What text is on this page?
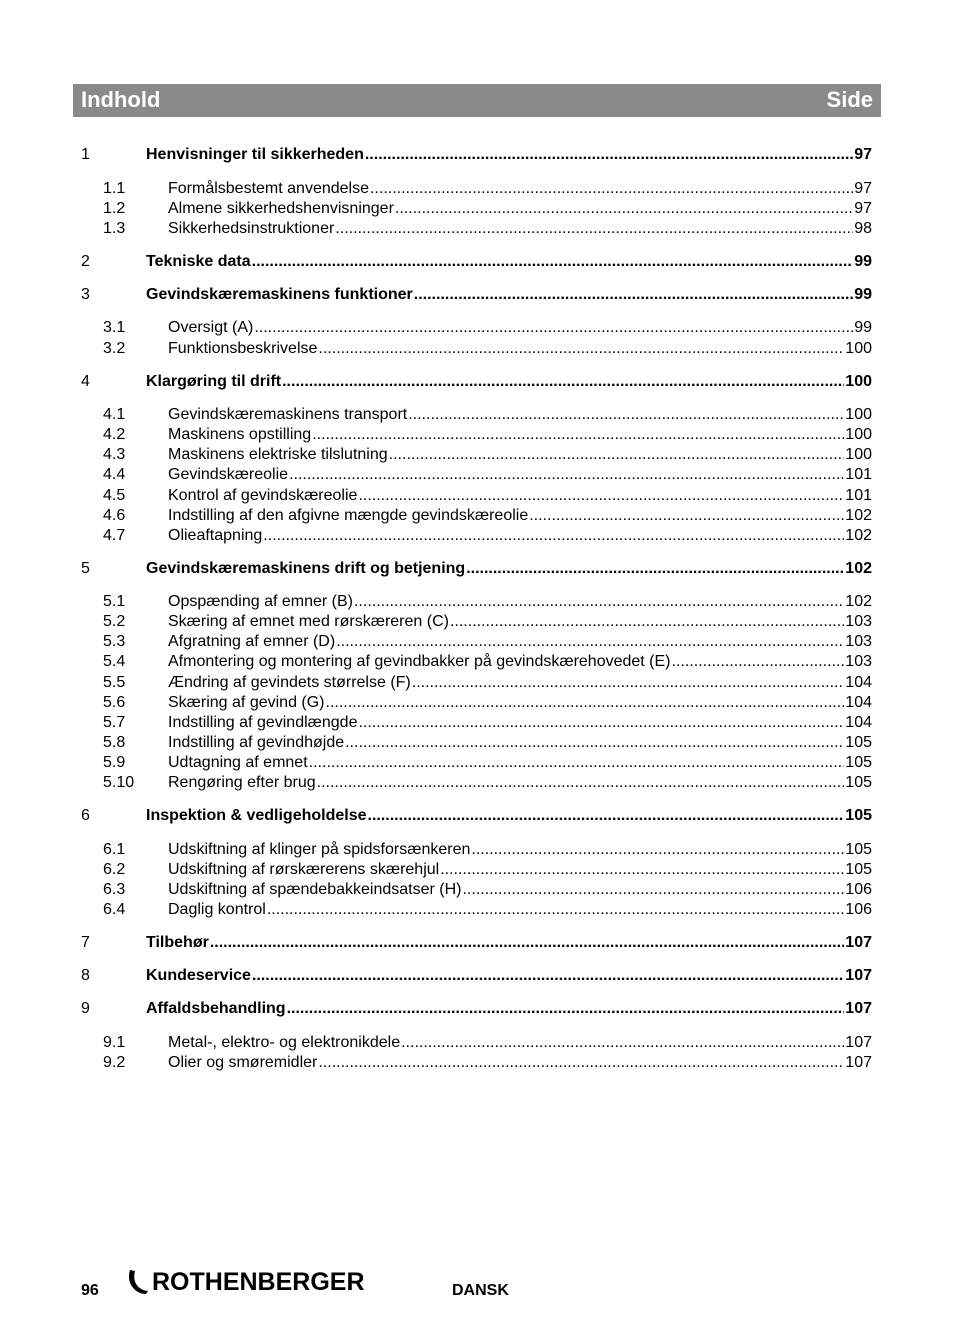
Indhold	Side
1	Henvisninger til sikkerheden .....	97
1.1	Formålsbestemt anvendelse .....	97
1.2	Almene sikkerhedshenvisninger .....	97
1.3	Sikkerhedsinstruktioner .....	98
2	Tekniske data .....	99
3	Gevindskæremaskinens funktioner .....	99
3.1	Oversigt (A) .....	99
3.2	Funktionsbeskrivelse .....	100
4	Klargøring til drift .....	100
4.1	Gevindskæremaskinens transport .....	100
4.2	Maskinens opstilling .....	100
4.3	Maskinens elektriske tilslutning .....	100
4.4	Gevindskæreolie .....	101
4.5	Kontrol af gevindskæreolie .....	101
4.6	Indstilling af den afgivne mængde gevindskæreolie .....	102
4.7	Olieaftapning .....	102
5	Gevindskæremaskinens drift og betjening .....	102
5.1	Opspænding af emner (B) .....	102
5.2	Skæring af emnet med rørskæreren (C) .....	103
5.3	Afgratning af emner (D) .....	103
5.4	Afmontering og montering af gevindbakker på gevindskærehovedet (E) .....	103
5.5	Ændring af gevindets størrelse (F) .....	104
5.6	Skæring af gevind (G) .....	104
5.7	Indstilling af gevindlængde .....	104
5.8	Indstilling af gevindhøjde .....	105
5.9	Udtagning af emnet .....	105
5.10 Rengøring efter brug .....	105
6	Inspektion & vedligeholdelse .....	105
6.1	Udskiftning af klinger på spidsforsænkeren .....	105
6.2	Udskiftning af rørskærerens skærehjul .....	105
6.3	Udskiftning af spændebakkeindsatser (H) .....	106
6.4	Daglig kontrol .....	106
7	Tilbehør .....	107
8	Kundeservice .....	107
9	Affaldsbehandling .....	107
9.1	Metal-, elektro- og elektronikdele .....	107
9.2	Olier og smøremidler .....	107
96 ROTHENBERGER	DANSK
